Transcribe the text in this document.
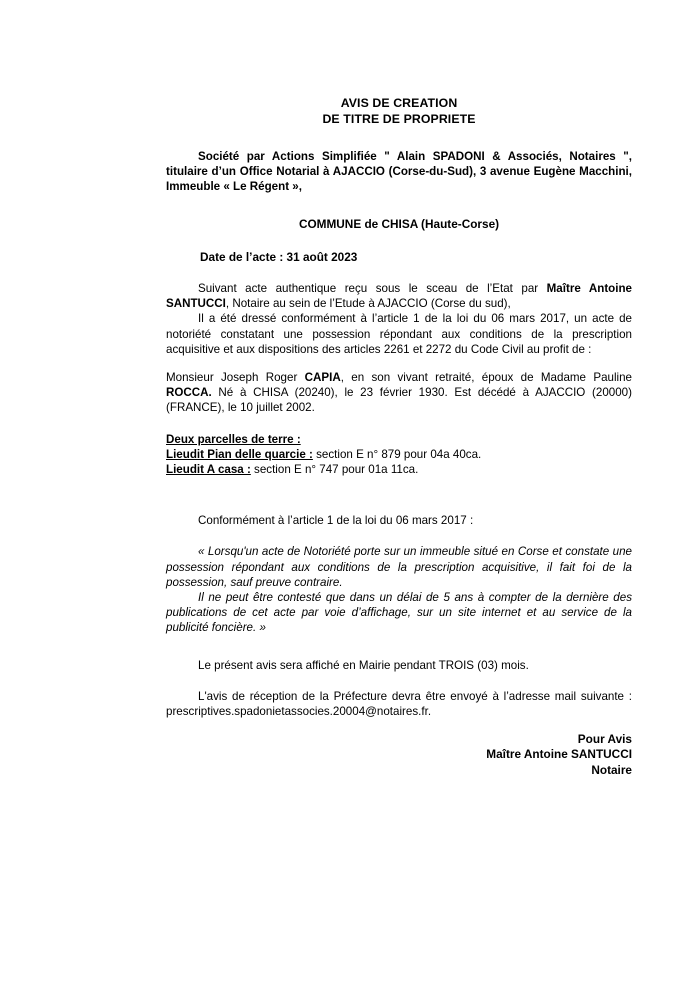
AVIS DE CREATION
DE TITRE DE PROPRIETE

Société par Actions Simplifiée " Alain SPADONI & Associés, Notaires ", titulaire d’un Office Notarial à AJACCIO (Corse-du-Sud), 3 avenue Eugène Macchini, Immeuble « Le Régent »,

COMMUNE de CHISA (Haute-Corse)
Date de l’acte : 31 août 2023

Suivant acte authentique reçu sous le sceau de l’Etat par Maître Antoine SANTUCCI, Notaire au sein de l’Etude à AJACCIO (Corse du sud),

Il a été dressé conformément à l’article 1 de la loi du 06 mars 2017, un acte de notoriété constatant une possession répondant aux conditions de la prescription acquisitive et aux dispositions des articles 2261 et 2272 du Code Civil au profit de :

Monsieur Joseph Roger CAPIA, en son vivant retraité, époux de Madame Pauline ROCCA. Né à CHISA (20240), le 23 février 1930. Est décédé à AJACCIO (20000) (FRANCE), le 10 juillet 2002.

Deux parcelles de terre :
Lieudit Pian delle quarcie : section E n° 879 pour 04a 40ca.
Lieudit A casa : section E n° 747 pour 01a 11ca.

Conformément à l’article 1 de la loi du 06 mars 2017 :

« Lorsqu'un acte de Notoriété porte sur un immeuble situé en Corse et constate une possession répondant aux conditions de la prescription acquisitive, il fait foi de la possession, sauf preuve contraire.

Il ne peut être contesté que dans un délai de 5 ans à compter de la dernière des publications de cet acte par voie d’affichage, sur un site internet et au service de la publicité foncière. »

Le présent avis sera affiché en Mairie pendant TROIS (03) mois.

L'avis de réception de la Préfecture devra être envoyé à l’adresse mail suivante : prescriptives.spadonietassocies.20004@notaires.fr.

Pour Avis
Maître Antoine SANTUCCI
Notaire
